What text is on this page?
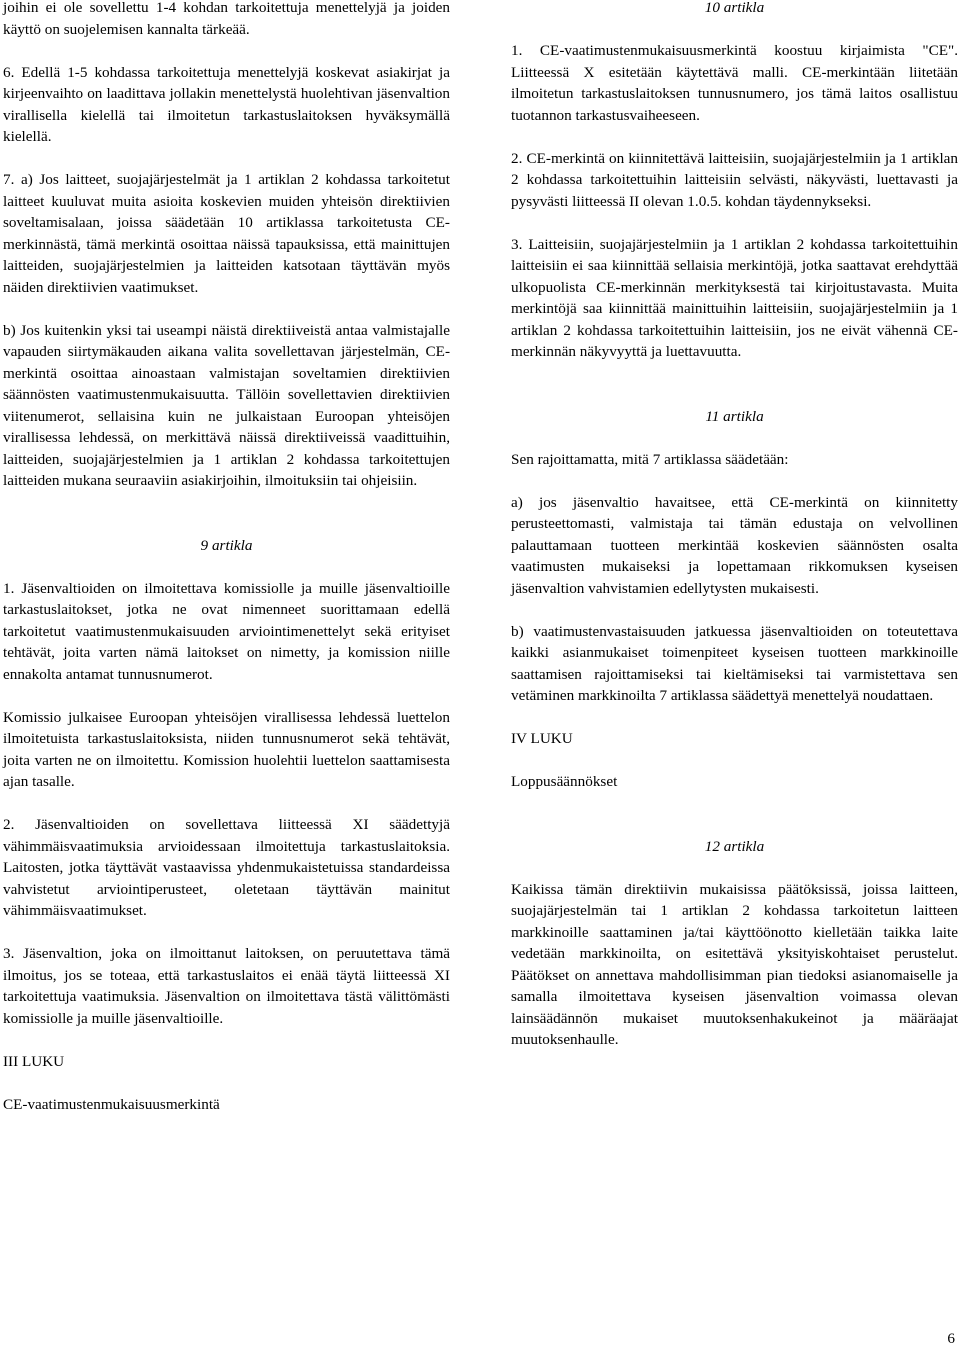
joihin ei ole sovellettu 1-4 kohdan tarkoitettuja menettelyjä ja joiden käyttö on suojelemisen kannalta tärkeää.

6. Edellä 1-5 kohdassa tarkoitettuja menettelyjä koskevat asiakirjat ja kirjeenvaihto on laadittava jollakin menettelystä huolehtivan jäsenvaltion virallisella kielellä tai ilmoitetun tarkastuslaitoksen hyväksymällä kielellä.

7. a) Jos laitteet, suojajärjestelmät ja 1 artiklan 2 kohdassa tarkoitetut laitteet kuuluvat muita asioita koskevien muiden yhteisön direktiivien soveltamisalaan, joissa säädetään 10 artiklassa tarkoitetusta CE-merkinnästä, tämä merkintä osoittaa näissä tapauksissa, että mainittujen laitteiden, suojajärjestelmien ja laitteiden katsotaan täyttävän myös näiden direktiivien vaatimukset.

b) Jos kuitenkin yksi tai useampi näistä direktiiveistä antaa valmistajalle vapauden siirtymäkauden aikana valita sovellettavan järjestelmän, CE-merkintä osoittaa ainoastaan valmistajan soveltamien direktiivien säännösten vaatimustenmukaisuutta. Tällöin sovellettavien direktiivien viitenumerot, sellaisina kuin ne julkaistaan Euroopan yhteisöjen virallisessa lehdessä, on merkittävä näissä direktiiveissä vaadittuihin, laitteiden, suojajärjestelmien ja 1 artiklan 2 kohdassa tarkoitettujen laitteiden mukana seuraaviin asiakirjoihin, ilmoituksiin tai ohjeisiin.

9 artikla

1. Jäsenvaltioiden on ilmoitettava komissiolle ja muille jäsenvaltioille tarkastuslaitokset, jotka ne ovat nimenneet suorittamaan edellä tarkoitetut vaatimustenmukaisuuden arviointimenettelyt sekä erityiset tehtävät, joita varten nämä laitokset on nimetty, ja komission niille ennakolta antamat tunnusnumerot.

Komissio julkaisee Euroopan yhteisöjen virallisessa lehdessä luettelon ilmoitetuista tarkastuslaitoksista, niiden tunnusnumerot sekä tehtävät, joita varten ne on ilmoitettu. Komission huolehtii luettelon saattamisesta ajan tasalle.

2. Jäsenvaltioiden on sovellettava liitteessä XI säädettyjä vähimmäisvaatimuksia arvioidessaan ilmoitettuja tarkastuslaitoksia. Laitosten, jotka täyttävät vastaavissa yhdenmukaistetuissa standardeissa vahvistetut arviointiperusteet, oletetaan täyttävän mainitut vähimmäisvaatimukset.

3. Jäsenvaltion, joka on ilmoittanut laitoksen, on peruutettava tämä ilmoitus, jos se toteaa, että tarkastuslaitos ei enää täytä liitteessä XI tarkoitettuja vaatimuksia. Jäsenvaltion on ilmoitettava tästä välittömästi komissiolle ja muille jäsenvaltioille.

III LUKU

CE-vaatimustenmukaisuusmerkintä

10 artikla

1. CE-vaatimustenmukaisuusmerkintä koostuu kirjaimista "CE". Liitteessä X esitetään käytettävä malli. CE-merkintään liitetään ilmoitetun tarkastuslaitoksen tunnusnumero, jos tämä laitos osallistuu tuotannon tarkastusvaiheeseen.

2. CE-merkintä on kiinnitettävä laitteisiin, suojajärjestelmiin ja 1 artiklan 2 kohdassa tarkoitettuihin laitteisiin selvästi, näkyvästi, luettavasti ja pysyvästi liitteessä II olevan 1.0.5. kohdan täydennykseksi.

3. Laitteisiin, suojajärjestelmiin ja 1 artiklan 2 kohdassa tarkoitettuihin laitteisiin ei saa kiinnittää sellaisia merkintöjä, jotka saattavat erehdyttää ulkopuolista CE-merkinnän merkityksestä tai kirjoitustavasta. Muita merkintöjä saa kiinnittää mainittuihin laitteisiin, suojajärjestelmiin ja 1 artiklan 2 kohdassa tarkoitettuihin laitteisiin, jos ne eivät vähennä CE-merkinnän näkyvyyttä ja luettavuutta.

11 artikla

Sen rajoittamatta, mitä 7 artiklassa säädetään:

a) jos jäsenvaltio havaitsee, että CE-merkintä on kiinnitetty perusteettomasti, valmistaja tai tämän edustaja on velvollinen palauttamaan tuotteen merkintää koskevien säännösten osalta vaatimusten mukaiseksi ja lopettamaan rikkomuksen kyseisen jäsenvaltion vahvistamien edellytysten mukaisesti.

b) vaatimustenvastaisuuden jatkuessa jäsenvaltioiden on toteutettava kaikki asianmukaiset toimenpiteet kyseisen tuotteen markkinoille saattamisen rajoittamiseksi tai kieltämiseksi tai varmistettava sen vetäminen markkinoilta 7 artiklassa säädettyä menettelyä noudattaen.

IV LUKU

Loppusäännökset

12 artikla

Kaikissa tämän direktiivin mukaisissa päätöksissä, joissa laitteen, suojajärjestelmän tai 1 artiklan 2 kohdassa tarkoitetun laitteen markkinoille saattaminen ja/tai käyttöönotto kielletään taikka laite vedetään markkinoilta, on esitettävä yksityiskohtaiset perustelut. Päätökset on annettava mahdollisimman pian tiedoksi asianomaiselle ja samalla ilmoitettava kyseisen jäsenvaltion voimassa olevan lainsäädännön mukaiset muutoksenhakukeinot ja määräajat muutoksenhaulle.

6
